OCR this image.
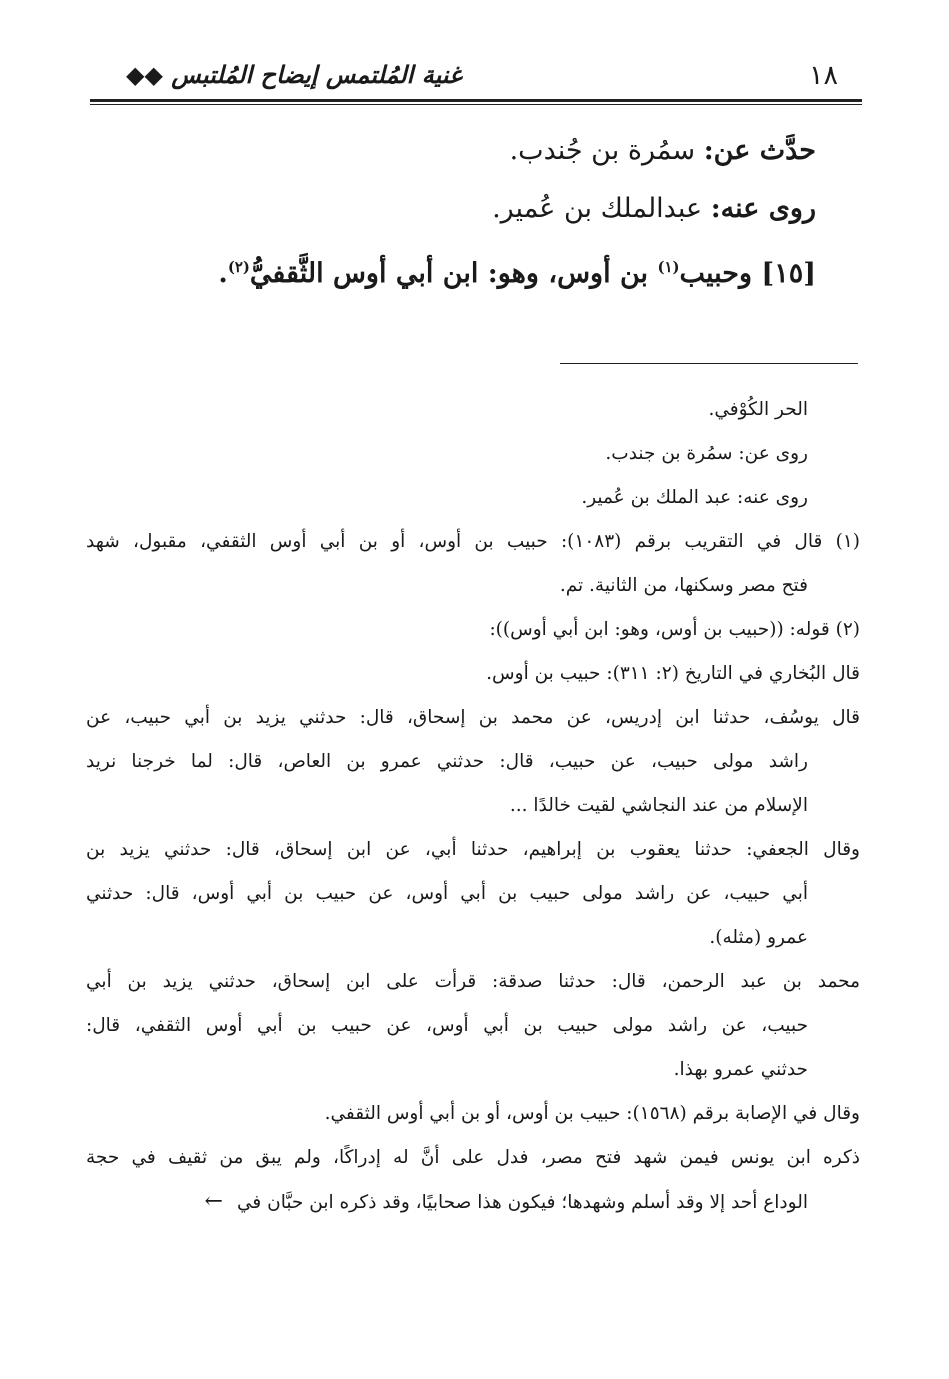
١٨
غنية المُلتمس إيضاح المُلتبس ◆◆
حدَّث عن: سمُرة بن جُندب.
روى عنه: عبدالملك بن عُمير.
[١٥] وحبيب$^{(١)}$ بن أوس، وهو: ابن أبي أوس الثَّقفيُّ$^{(٢)}$.
الحر الكُوْفي.
روى عن: سمُرة بن جندب.
روى عنه: عبد الملك بن عُمير.
(١) قال في التقريب برقم (١٠٨٣): حبيب بن أوس، أو بن أبي أوس الثقفي، مقبول، شهد
فتح مصر وسكنها، من الثانية. تم.
(٢) قوله: ((حبيب بن أوس، وهو: ابن أبي أوس)):
قال البُخاري في التاريخ (٢: ٣١١): حبيب بن أوس.
قال يوسُف، حدثنا ابن إدريس، عن محمد بن إسحاق، قال: حدثني يزيد بن أبي حبيب، عن
راشد مولى حبيب، عن حبيب، قال: حدثني عمرو بن العاص، قال: لما خرجنا نريد
الإسلام من عند النجاشي لقيت خالدًا ...
وقال الجعفي: حدثنا يعقوب بن إبراهيم، حدثنا أبي، عن ابن إسحاق، قال: حدثني يزيد بن
أبي حبيب، عن راشد مولى حبيب بن أبي أوس، عن حبيب بن أبي أوس، قال: حدثني
عمرو (مثله).
محمد بن عبد الرحمن، قال: حدثنا صدقة: قرأت على ابن إسحاق، حدثني يزيد بن أبي
حبيب، عن راشد مولى حبيب بن أبي أوس، عن حبيب بن أبي أوس الثقفي، قال:
حدثني عمرو بهذا.
وقال في الإصابة برقم (١٥٦٨): حبيب بن أوس، أو بن أبي أوس الثقفي.
ذكره ابن يونس فيمن شهد فتح مصر، فدل على أنَّ له إدراكًا، ولم يبق من ثقيف في حجة
الوداع أحد إلا وقد أسلم وشهدها؛ فيكون هذا صحابيًا، وقد ذكره ابن حبَّان في←
